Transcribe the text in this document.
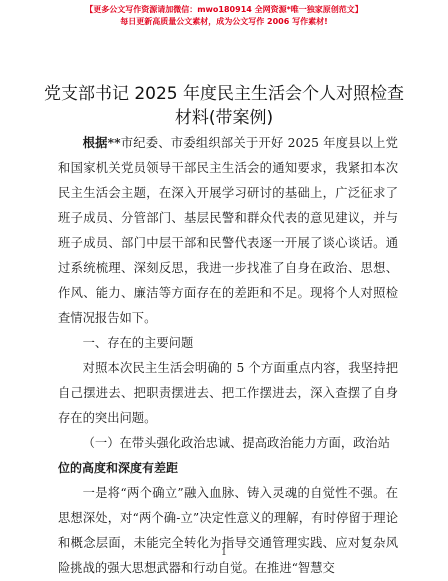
【更多公文写作资源请加微信：mwo180914 全网资源*唯一独家原创范文】
每日更新高质量公文素材，成为公文写作 2006 写作素材!
党支部书记 2025 年度民主生活会个人对照检查
材料(带案例)

根据**市纪委、市委组织部关于开好 2025 年度县以上党和国家机关党员领导干部民主生活会的通知要求，我紧扣本次民主生活会主题，在深入开展学习研讨的基础上，广泛征求了班子成员、分管部门、基层民警和群众代表的意见建议，并与班子成员、部门中层干部和民警代表逐一开展了谈心谈话。通过系统梳理、深刻反思，我进一步找准了自身在政治、思想、作风、能力、廉洁等方面存在的差距和不足。现将个人对照检查情况报告如下。

一、存在的主要问题

对照本次民主生活会明确的 5 个方面重点内容，我坚持把自己摆进去、把职责摆进去、把工作摆进去，深入查摆了自身存在的突出问题。

（一）在带头强化政治忠诚、提高政治能力方面，政治站

位的高度和深度有差距

一是将“两个确立”融入血脉、铸入灵魂的自觉性不强。在思想深处，对“两个确-立”决定性意义的理解，有时停留于理论和概念层面，未能完全转化为指导交通管理实践、应对复杂风险挑战的强大思想武器和行动自觉。在推进“智慧交

1
